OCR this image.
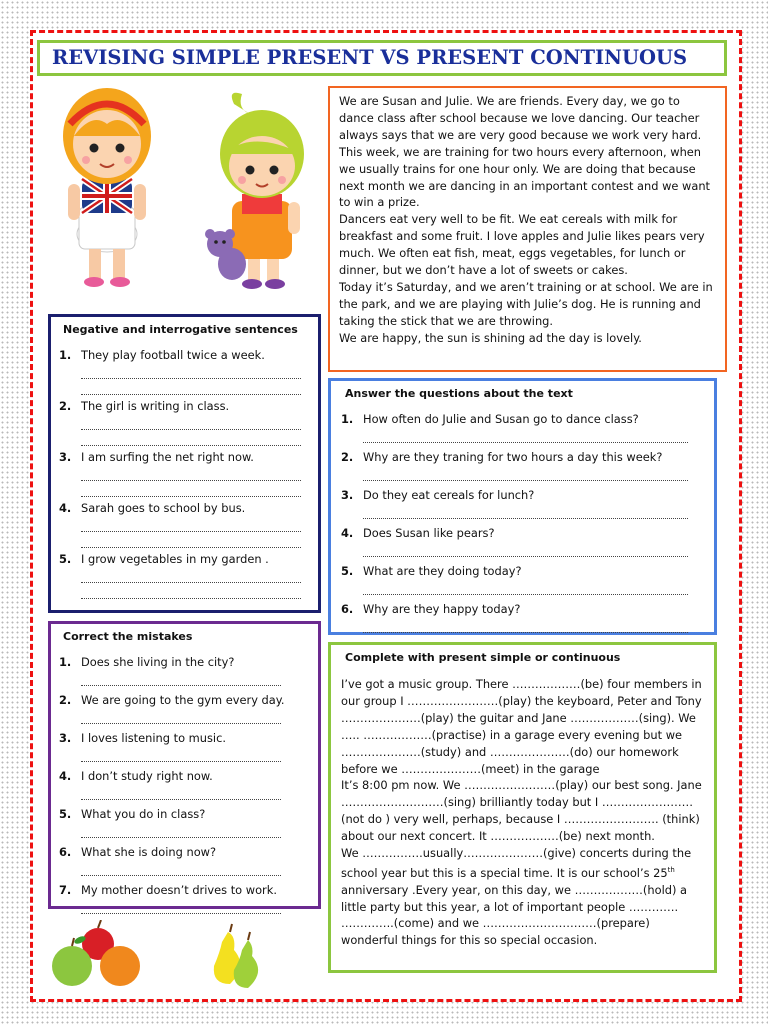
REVISING SIMPLE PRESENT VS PRESENT CONTINUOUS

We are Susan and Julie. We are friends. Every day, we go to dance class after school because we love dancing. Our teacher always says that we are very good because we work very hard. This week, we are training for two hours every afternoon, when we usually trains for one hour only. We are doing that because next month we are dancing in an important contest and we want to win a prize.

Dancers eat very well to be fit. We eat cereals with milk for breakfast and some fruit. I love apples and Julie likes pears very much. We often eat fish, meat, eggs vegetables, for lunch or dinner, but we don’t have a lot of sweets or cakes.

Today it’s Saturday, and we aren’t training or at school. We are in the park, and we are playing with Julie’s dog. He is running and taking the stick that we are throwing.

We are happy, the sun is shining ad the day is lovely.

Negative and interrogative sentences
1. They play football twice a week.
2. The girl is writing in class.
3. I am surfing the net right now.
4. Sarah goes to school by bus.
5. I grow vegetables in my garden .
Answer the questions about the text
1. How often do Julie and Susan go to dance class?
2. Why are they traning for two hours a day this week?
3. Do they eat cereals for lunch?
4. Does Susan like pears?
5. What are they doing today?
6. Why are they happy today?
Correct the mistakes
1. Does she living in the city?
2. We are going to the gym every day.
3. I loves listening to music.
4. I don’t study right now.
5. What you do in class?
6. What she is doing now?
7. My mother doesn’t drives to work.
Complete with present simple or continuous

I’ve got a music group. There ………………(be) four members in our group I ……………………(play) the keyboard, Peter and Tony …………………(play) the guitar and Jane ………………(sing). We ….. ………………(practise) in a garage every evening but we …………………(study) and …………………(do) our homework before we …………………(meet) in the garage

It’s 8:00 pm now. We ……………………(play) our best song. Jane ………………………(sing) brilliantly today but I …………………… (not do ) very well, perhaps, because I ……………………. (think) about our next concert. It ………………(be) next month.

We …………….usually…………………(give) concerts during the school year but this is a special time. It is our school’s 25th anniversary .Every year, on this day, we ………………(hold) a little party but this year, a lot of important people …………. …………..(come) and we …………………………(prepare) wonderful things for this so special occasion.
